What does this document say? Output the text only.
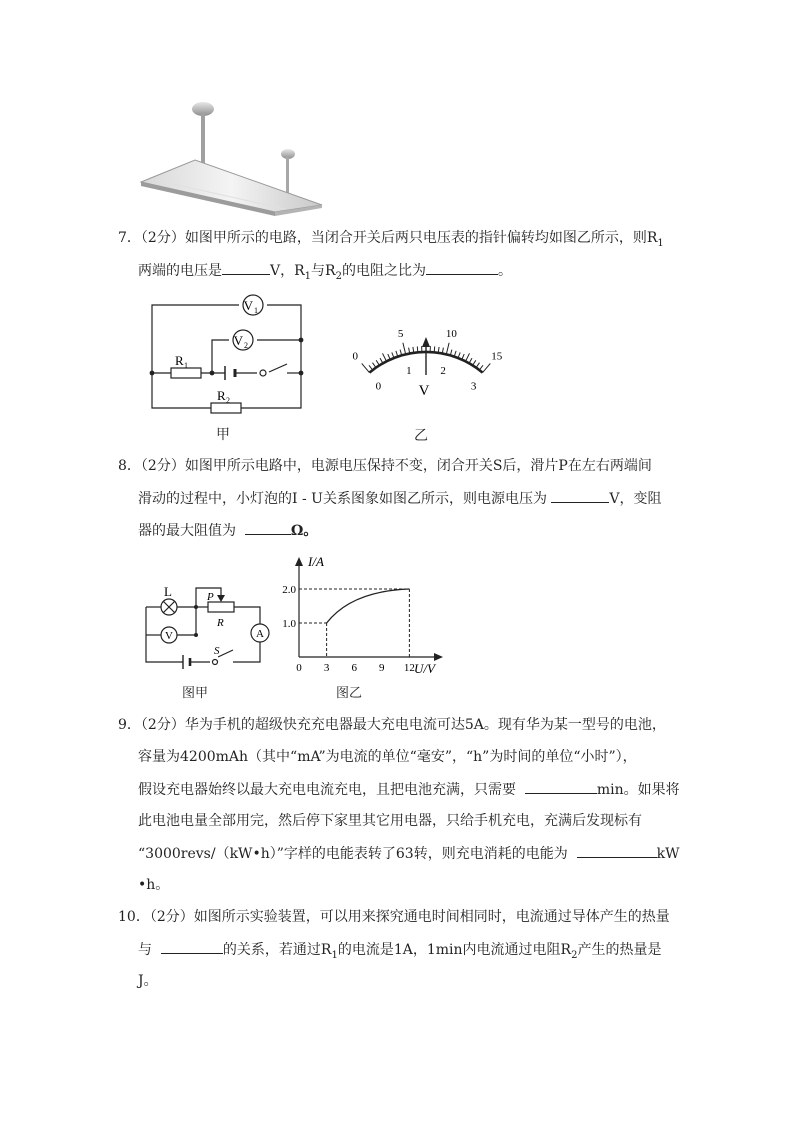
7．（2分）如图甲所示的电路，当闭合开关后两只电压表的指针偏转均如图乙所示，则$R_1$
两端的电压是	V，$R_1$与$R_2$的电阻之比为	。
V 1
V 2
R 1
R 2
甲
0
5	10
15
0
1	2
3
V
乙
8．（2分）如图甲所示电路中，电源电压保持不变，闭合开关S后，滑片P在左右两端间
滑动的过程中，小灯泡的I - U关系图象如图乙所示，则电源电压为	V，变阻
器的最大阻值为	Ω。
L
V	A
P
R
S
图甲
3 6 9 12
1.0
2.0
0
I/A
U/V
图乙
9．（2分）华为手机的超级快充充电器最大充电电流可达5A。现有华为某一型号的电池，
容量为4200mAh（其中“mA”为电流的单位“毫安”，“h”为时间的单位“小时”），
假设充电器始终以最大充电电流充电，且把电池充满，只需要	min。如果将
此电池电量全部用完，然后停下家里其它用电器，只给手机充电，充满后发现标有
“3000revs/（kW•h）”字样的电能表转了63转，则充电消耗的电能为	kW
•h。
10．（2分）如图所示实验装置，可以用来探究通电时间相同时，电流通过导体产生的热量
与	的关系，若通过$R_1$的电流是1A，1min内电流通过电阻$R_2$产生的热量是
J。
